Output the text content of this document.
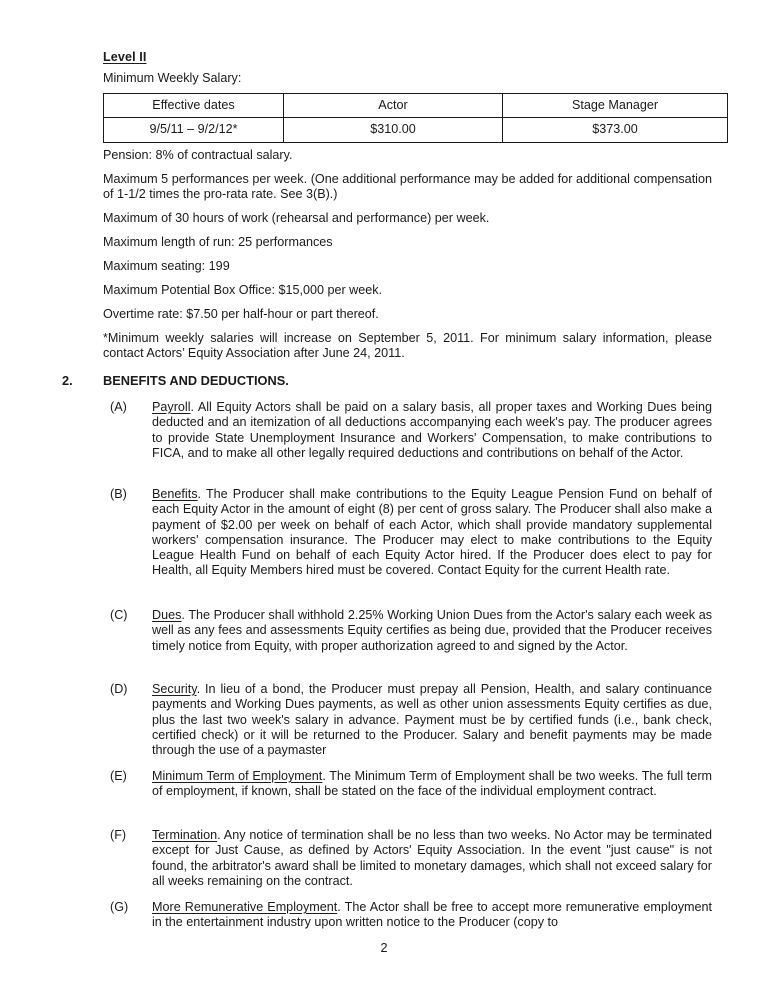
Level II
Minimum Weekly Salary:
Effective dates	Actor	Stage Manager
9/5/11 – 9/2/12*	$310.00	$373.00
Pension: 8% of contractual salary.
Maximum 5 performances per week. (One additional performance may be added for additional compensation of 1-1/2 times the pro-rata rate. See 3(B).)
Maximum of 30 hours of work (rehearsal and performance) per week.
Maximum length of run: 25 performances
Maximum seating: 199
Maximum Potential Box Office: $15,000 per week.
Overtime rate: $7.50 per half-hour or part thereof.
*Minimum weekly salaries will increase on September 5, 2011. For minimum salary information, please contact Actors’ Equity Association after June 24, 2011.
2. BENEFITS AND DEDUCTIONS.
(A)	Payroll. All Equity Actors shall be paid on a salary basis, all proper taxes and Working Dues being deducted and an itemization of all deductions accompanying each week's pay. The producer agrees to provide State Unemployment Insurance and Workers' Compensation, to make contributions to FICA, and to make all other legally required deductions and contributions on behalf of the Actor.
(B)	Benefits. The Producer shall make contributions to the Equity League Pension Fund on behalf of each Equity Actor in the amount of eight (8) per cent of gross salary. The Producer shall also make a payment of $2.00 per week on behalf of each Actor, which shall provide mandatory supplemental workers' compensation insurance. The Producer may elect to make contributions to the Equity League Health Fund on behalf of each Equity Actor hired. If the Producer does elect to pay for Health, all Equity Members hired must be covered. Contact Equity for the current Health rate.
(C)	Dues. The Producer shall withhold 2.25% Working Union Dues from the Actor's salary each week as well as any fees and assessments Equity certifies as being due, provided that the Producer receives timely notice from Equity, with proper authorization agreed to and signed by the Actor.
(D)	Security. In lieu of a bond, the Producer must prepay all Pension, Health, and salary continuance payments and Working Dues payments, as well as other union assessments Equity certifies as due, plus the last two week's salary in advance. Payment must be by certified funds (i.e., bank check, certified check) or it will be returned to the Producer. Salary and benefit payments may be made through the use of a paymaster
(E)	Minimum Term of Employment. The Minimum Term of Employment shall be two weeks. The full term of employment, if known, shall be stated on the face of the individual employment contract.
(F)	Termination. Any notice of termination shall be no less than two weeks. No Actor may be terminated except for Just Cause, as defined by Actors' Equity Association. In the event "just cause" is not found, the arbitrator's award shall be limited to monetary damages, which shall not exceed salary for all weeks remaining on the contract.
(G)	More Remunerative Employment. The Actor shall be free to accept more remunerative employment in the entertainment industry upon written notice to the Producer (copy to
2
